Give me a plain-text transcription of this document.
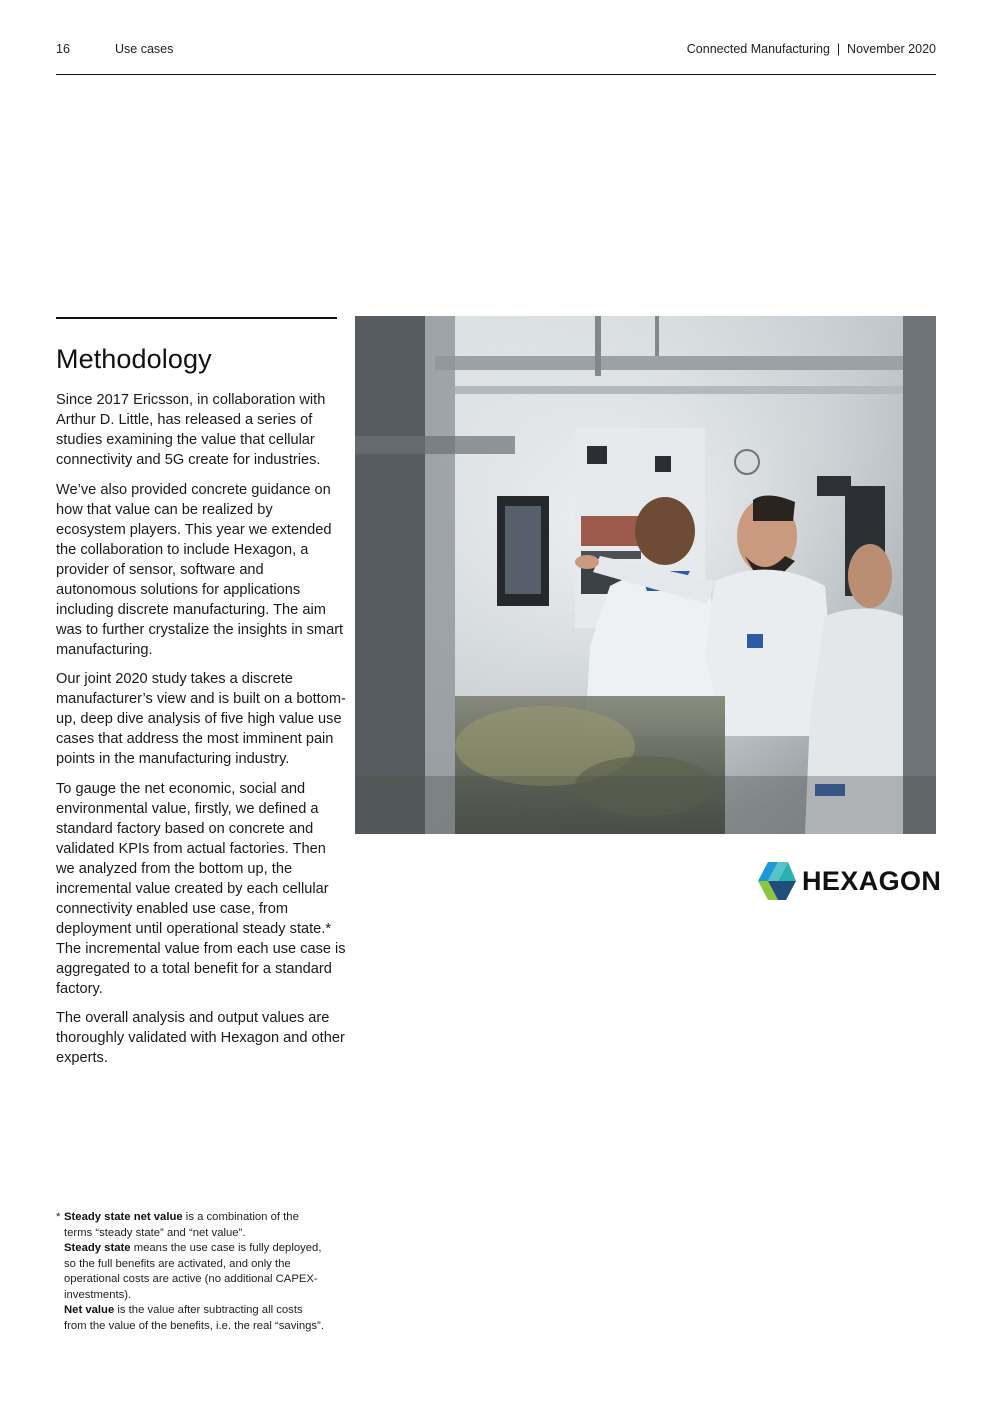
16	Use cases	Connected Manufacturing  |  November 2020
Methodology

Since 2017 Ericsson, in collaboration with Arthur D. Little, has released a series of studies examining the value that cellular connectivity and 5G create for industries.

We’ve also provided concrete guidance on how that value can be realized by ecosystem players. This year we extended the collaboration to include Hexagon, a provider of sensor, software and autonomous solutions for applications including discrete manufacturing. The aim was to further crystalize the insights in smart manufacturing.

Our joint 2020 study takes a discrete manufacturer’s view and is built on a bottom-up, deep dive analysis of five high value use cases that address the most imminent pain points in the manufacturing industry.

To gauge the net economic, social and environmental value, firstly, we defined a standard factory based on concrete and validated KPIs from actual factories. Then we analyzed from the bottom up, the incremental value created by each cellular connectivity enabled use case, from deployment until operational steady state.* The incremental value from each use case is aggregated to a total benefit for a standard factory.

The overall analysis and output values are thoroughly validated with Hexagon and other experts.

* Steady state net value is a combination of the terms “steady state” and “net value”.
Steady state means the use case is fully deployed, so the full benefits are activated, and only the operational costs are active (no additional CAPEX-investments).
Net value is the value after subtracting all costs from the value of the benefits, i.e. the real “savings”.
HEXAGON
